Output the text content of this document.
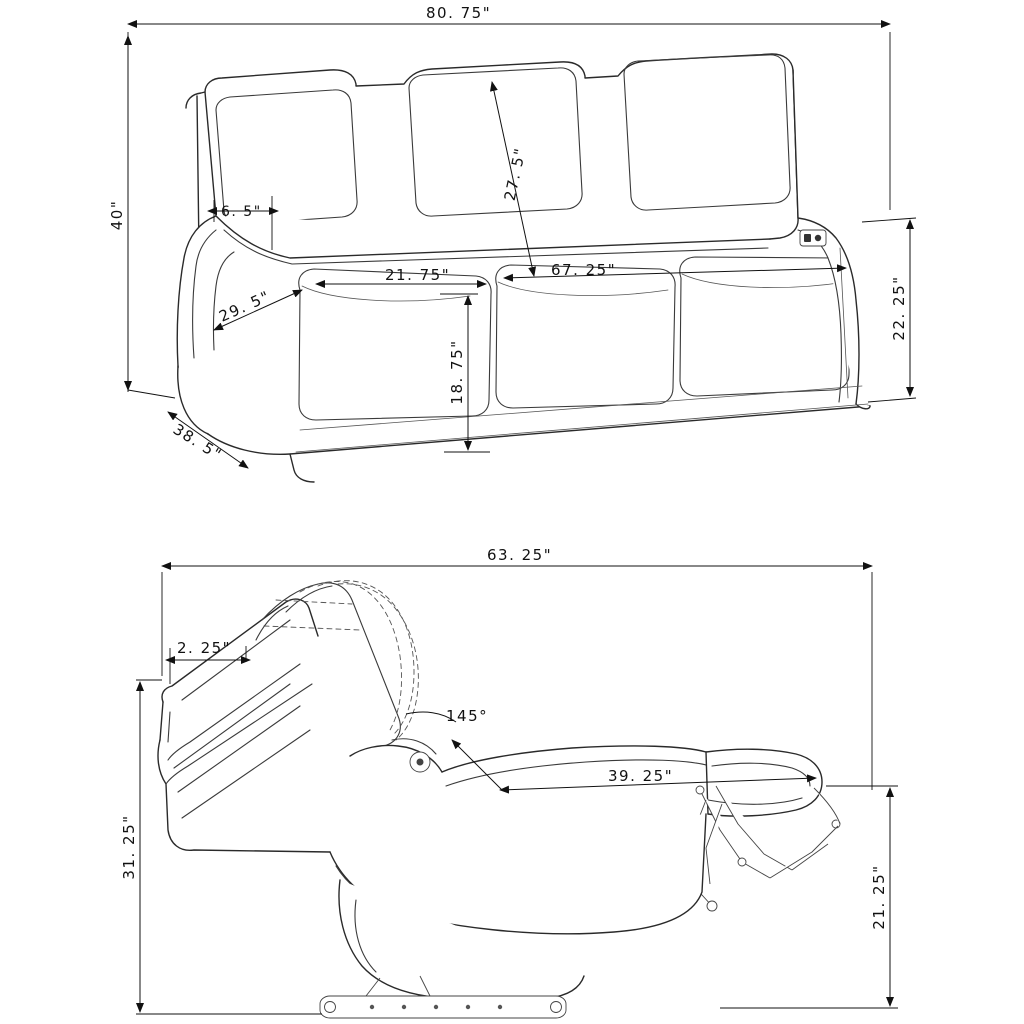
80. 75"
40"
38. 5"
6. 5"
27. 5"
29. 5"
21. 75"	67. 25"
18. 75"
22. 25"
63. 25"
2. 25"
145°
39. 25"
31. 25"
21. 25"
